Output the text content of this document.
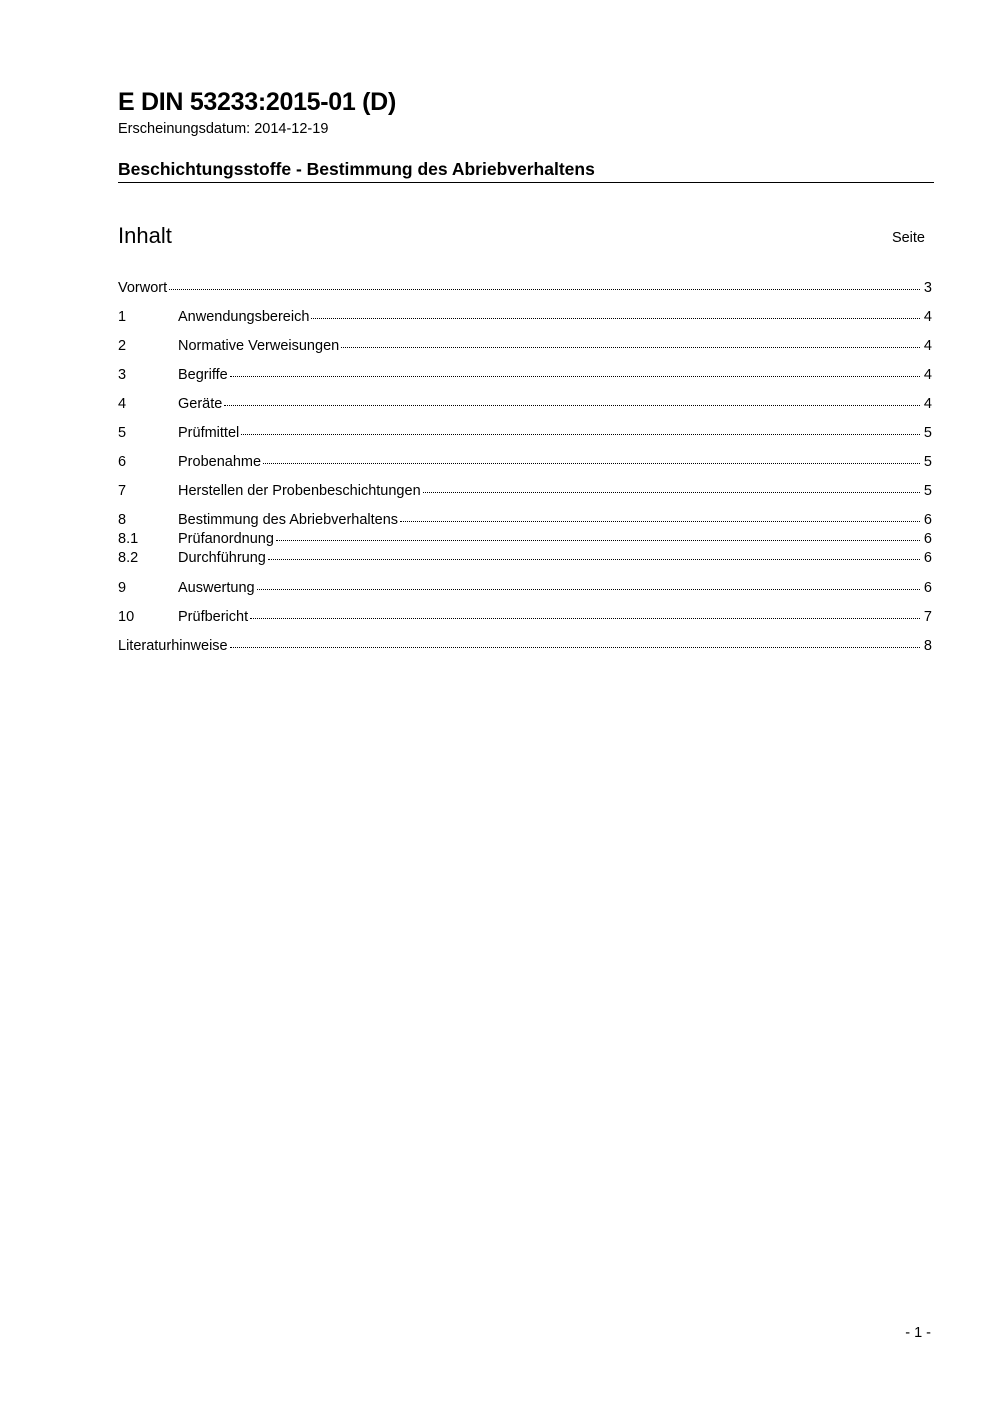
E DIN 53233:2015-01 (D)
Erscheinungsdatum: 2014-12-19
Beschichtungsstoffe - Bestimmung des Abriebverhaltens
Inhalt	Seite
Vorwort	3
1	Anwendungsbereich	4
2	Normative Verweisungen	4
3	Begriffe	4
4	Geräte	4
5	Prüfmittel	5
6	Probenahme	5
7	Herstellen der Probenbeschichtungen	5
8	Bestimmung des Abriebverhaltens	6
8.1	Prüfanordnung	6
8.2	Durchführung	6
9	Auswertung	6
10	Prüfbericht	7
Literaturhinweise	8
- 1 -
